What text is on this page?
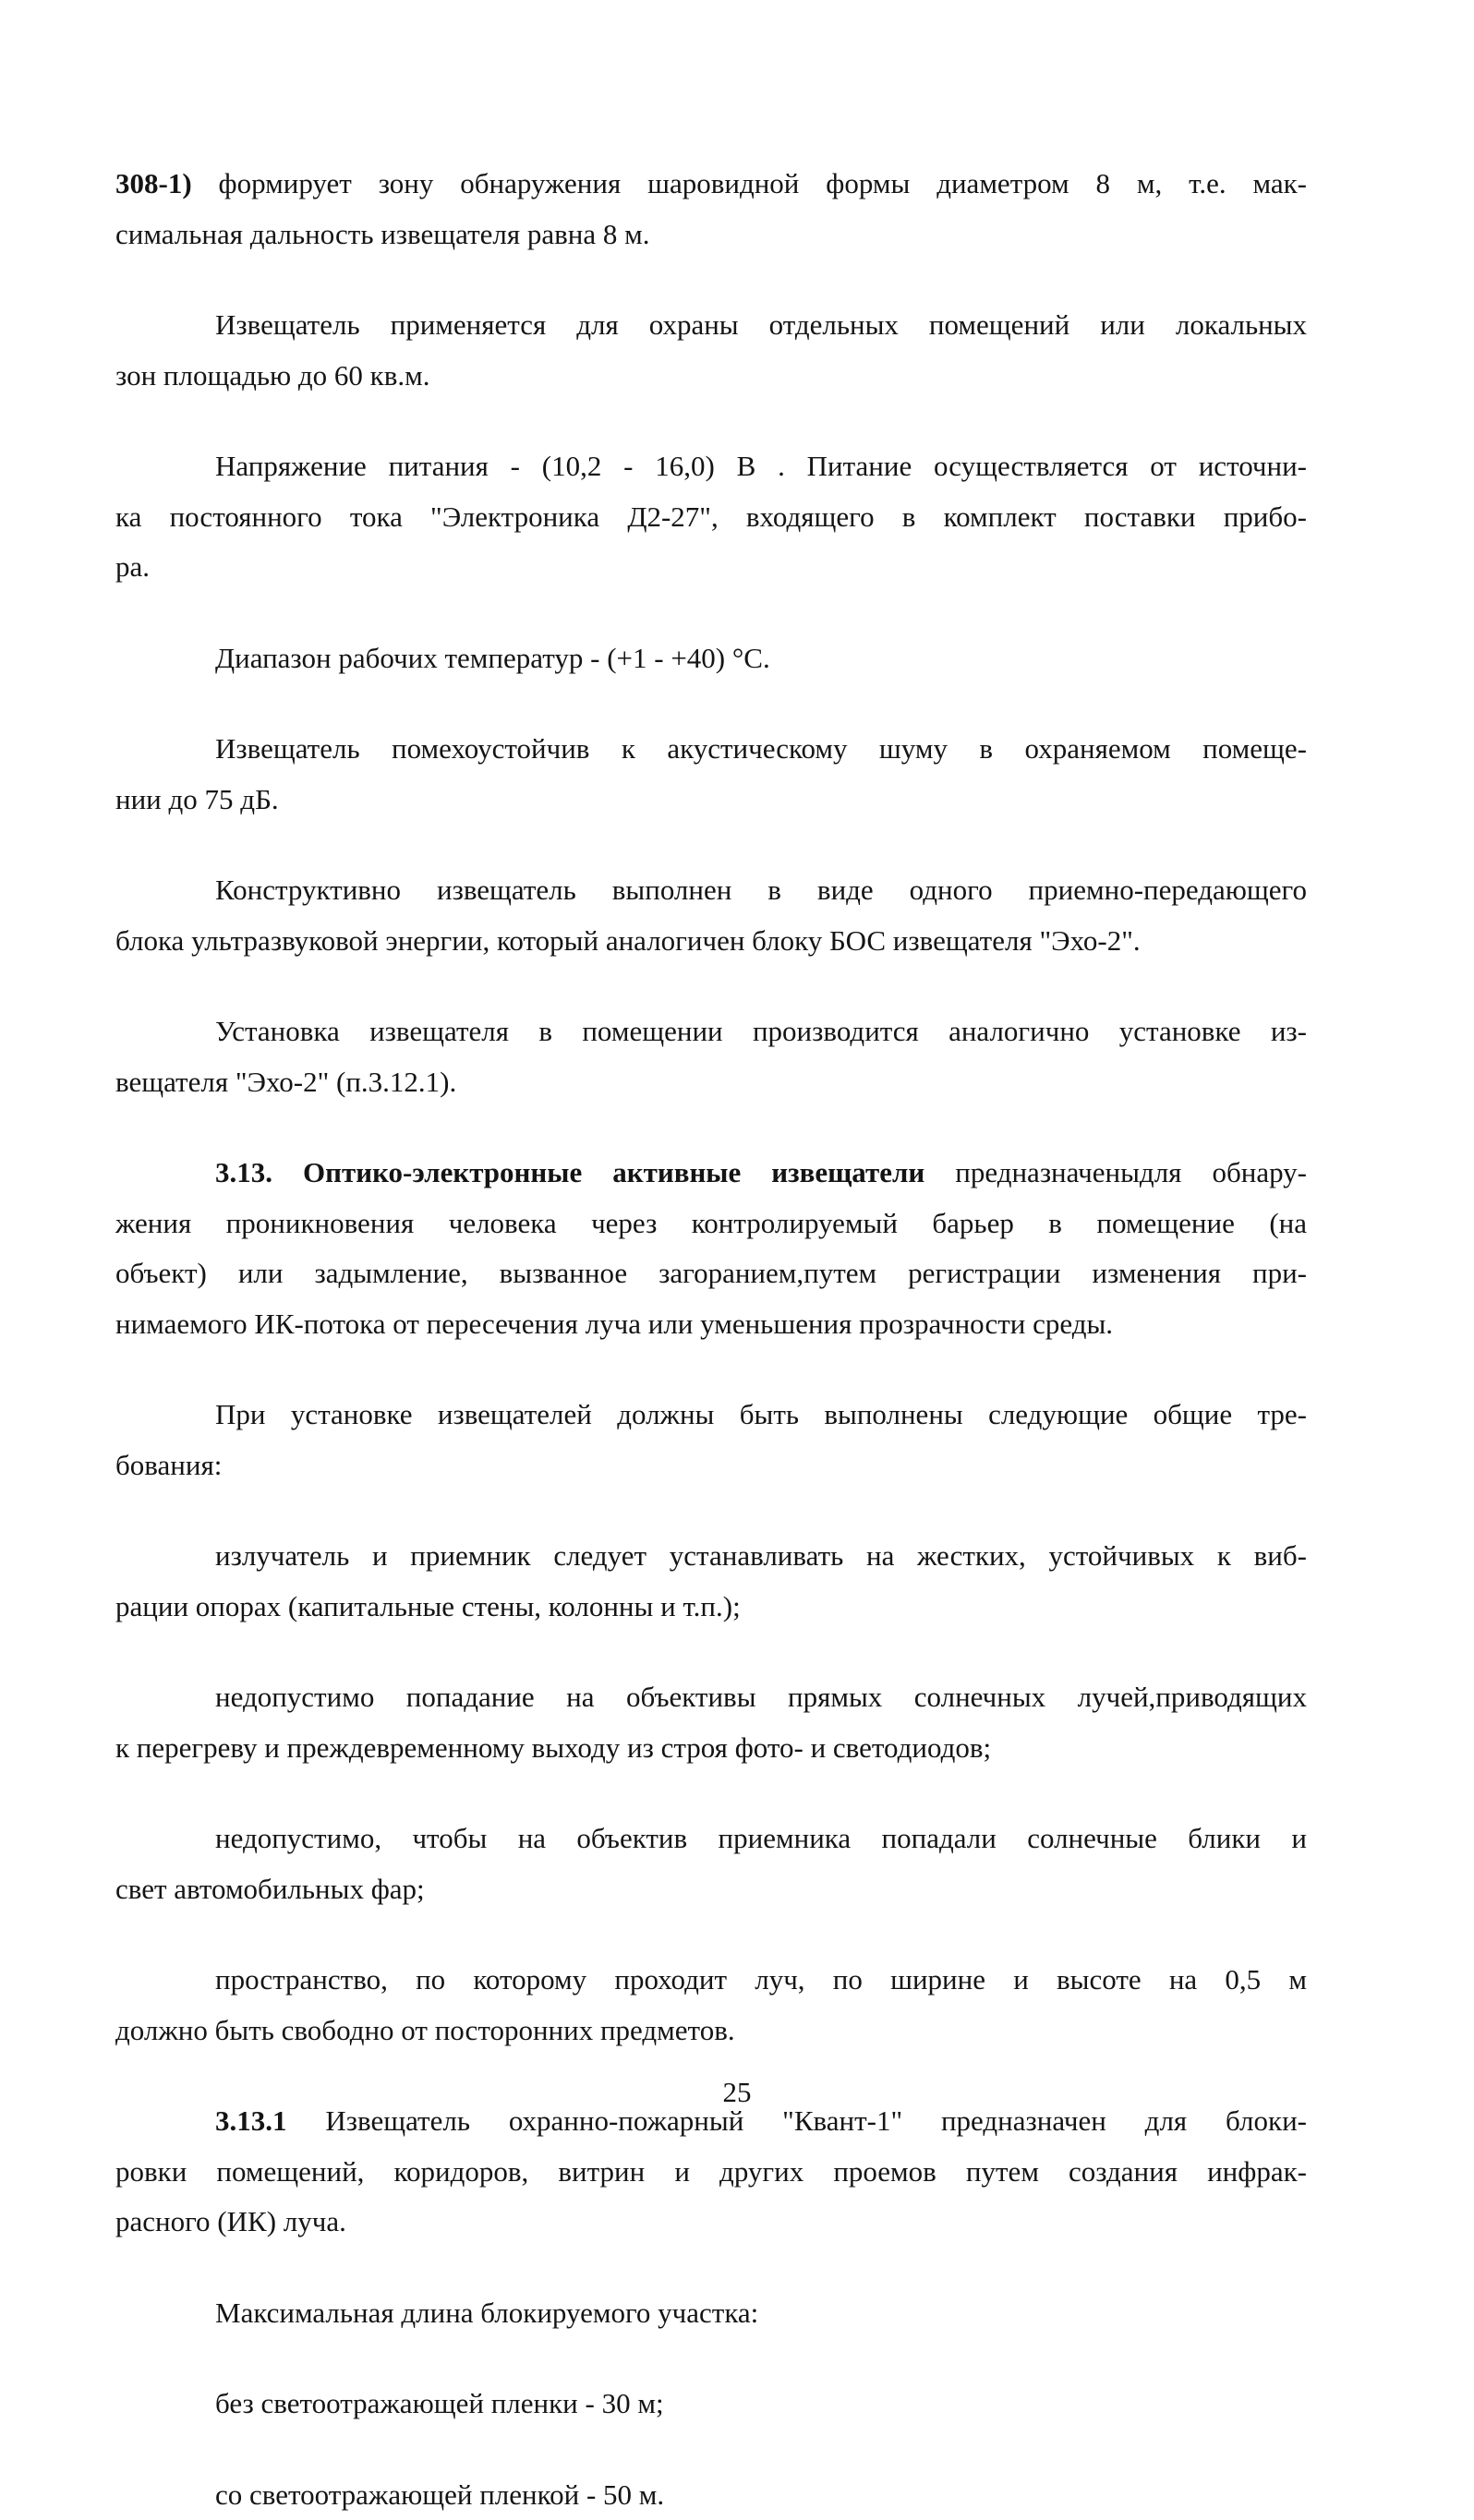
308-1) формирует зону обнаружения шаровидной формы диаметром 8 м, т.е. мак-
симальная дальность извещателя равна 8 м.

Извещатель применяется для охраны отдельных помещений или локальных
зон площадью до 60 кв.м.

Напряжение питания - (10,2 - 16,0) В . Питание осуществляется от источни-
ка постоянного тока "Электроника Д2-27", входящего в комплект поставки прибо-
ра.

Диапазон рабочих температур - (+1 - +40) °С.

Извещатель помехоустойчив к акустическому шуму в охраняемом помеще-
нии до 75 дБ.

Конструктивно извещатель выполнен в виде одного приемно-передающего
блока ультразвуковой энергии, который аналогичен блоку БОС извещателя "Эхо-2".

Установка извещателя в помещении производится аналогично установке из-
вещателя "Эхо-2" (п.3.12.1).

3.13. Оптико-электронные активные извещатели предназначеныдля обнару-
жения проникновения человека через контролируемый барьер в помещение (на
объект) или задымление, вызванное загоранием,путем регистрации изменения при-
нимаемого ИК-потока от пересечения луча или уменьшения прозрачности среды.

При установке извещателей должны быть выполнены следующие общие тре-
бования:

излучатель и приемник следует устанавливать на жестких, устойчивых к виб-
рации опорах (капитальные стены, колонны и т.п.);

недопустимо попадание на объективы прямых солнечных лучей,приводящих
к перегреву и преждевременному выходу из строя фото- и светодиодов;

недопустимо, чтобы на объектив приемника попадали солнечные блики и
свет автомобильных фар;

пространство, по которому проходит луч, по ширине и высоте на 0,5 м
должно быть свободно от посторонних предметов.

3.13.1 Извещатель охранно-пожарный "Квант-1" предназначен для блоки-
ровки помещений, коридоров, витрин и других проемов путем создания инфрак-
расного (ИК) луча.

Максимальная длина блокируемого участка:

без светоотражающей пленки - 30 м;

со светоотражающей пленкой - 50 м.

25
